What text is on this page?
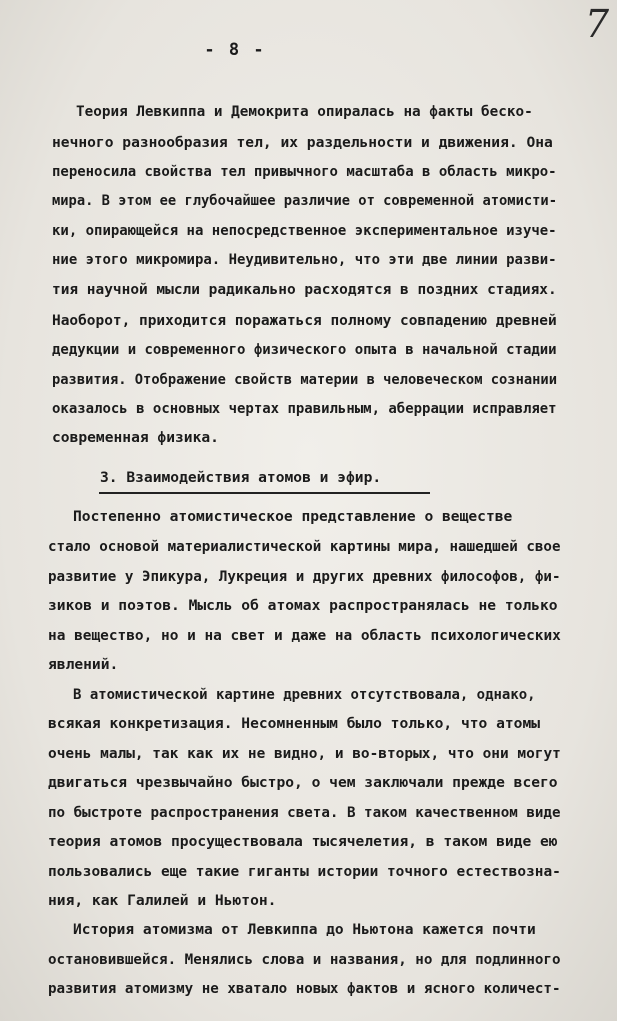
- 8 -
7
Теория Левкиппа и Демокрита опиралась на факты беско-
нечного разнообразия тел, их раздельности и движения. Она
переносила свойства тел привычного масштаба в область микро-
мира. В этом ее глубочайшее различие от современной атомисти-
ки, опирающейся на непосредственное экспериментальное изуче-
ние этого микромира. Неудивительно, что эти две линии разви-
тия научной мысли радикально расходятся в поздних стадиях.
Наоборот, приходится поражаться полному совпадению древней
дедукции и современного физического опыта в начальной стадии
развития. Отображение свойств материи в человеческом сознании
оказалось в основных чертах правильным, аберрации исправляет
современная физика.
3. Взаимодействия атомов и эфир.
Постепенно атомистическое представление о веществе
стало основой материалистической картины мира, нашедшей свое
развитие у Эпикура, Лукреция и других древних философов, фи-
зиков и поэтов. Мысль об атомах распространялась не только
на вещество, но и на свет и даже на область психологических
явлений.
В атомистической картине древних отсутствовала, однако,
всякая конкретизация. Несомненным было только, что атомы
очень малы, так как их не видно, и во-вторых, что они могут
двигаться чрезвычайно быстро, о чем заключали прежде всего
по быстроте распространения света. В таком качественном виде
теория атомов просуществовала тысячелетия, в таком виде ею
пользовались еще такие гиганты истории точного естествозна-
ния, как Галилей и Ньютон.
История атомизма от Левкиппа до Ньютона кажется почти
остановившейся. Менялись слова и названия, но для подлинного
развития атомизму не хватало новых фактов и ясного количест-
